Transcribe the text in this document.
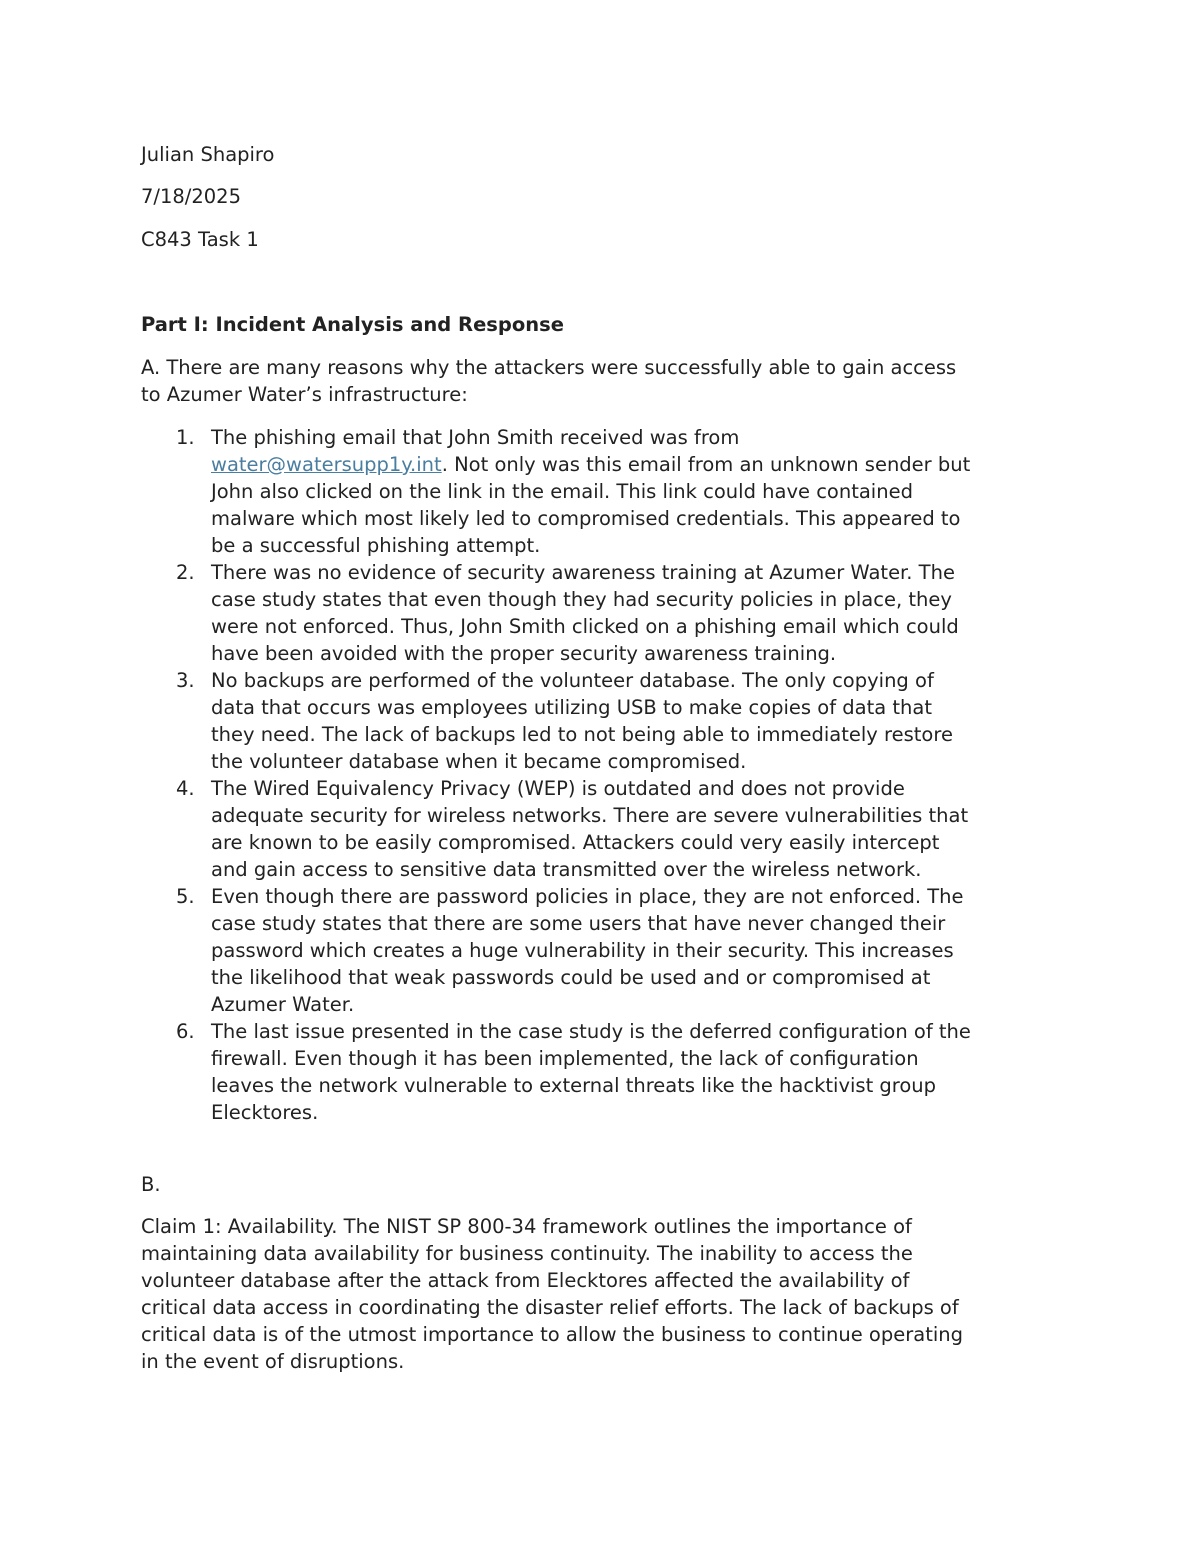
Julian Shapiro
7/18/2025
C843 Task 1
Part I: Incident Analysis and Response
A. There are many reasons why the attackers were successfully able to gain access
to Azumer Water’s infrastructure:
1. The phishing email that John Smith received was from
water@watersupp1y.int. Not only was this email from an unknown sender but
John also clicked on the link in the email. This link could have contained
malware which most likely led to compromised credentials. This appeared to
be a successful phishing attempt.
2. There was no evidence of security awareness training at Azumer Water. The
case study states that even though they had security policies in place, they
were not enforced. Thus, John Smith clicked on a phishing email which could
have been avoided with the proper security awareness training.
3. No backups are performed of the volunteer database. The only copying of
data that occurs was employees utilizing USB to make copies of data that
they need. The lack of backups led to not being able to immediately restore
the volunteer database when it became compromised.
4. The Wired Equivalency Privacy (WEP) is outdated and does not provide
adequate security for wireless networks. There are severe vulnerabilities that
are known to be easily compromised. Attackers could very easily intercept
and gain access to sensitive data transmitted over the wireless network.
5. Even though there are password policies in place, they are not enforced. The
case study states that there are some users that have never changed their
password which creates a huge vulnerability in their security. This increases
the likelihood that weak passwords could be used and or compromised at
Azumer Water.
6. The last issue presented in the case study is the deferred configuration of the
firewall. Even though it has been implemented, the lack of configuration
leaves the network vulnerable to external threats like the hacktivist group
Elecktores.
B.
Claim 1: Availability. The NIST SP 800-34 framework outlines the importance of
maintaining data availability for business continuity. The inability to access the
volunteer database after the attack from Elecktores affected the availability of
critical data access in coordinating the disaster relief efforts. The lack of backups of
critical data is of the utmost importance to allow the business to continue operating
in the event of disruptions.
